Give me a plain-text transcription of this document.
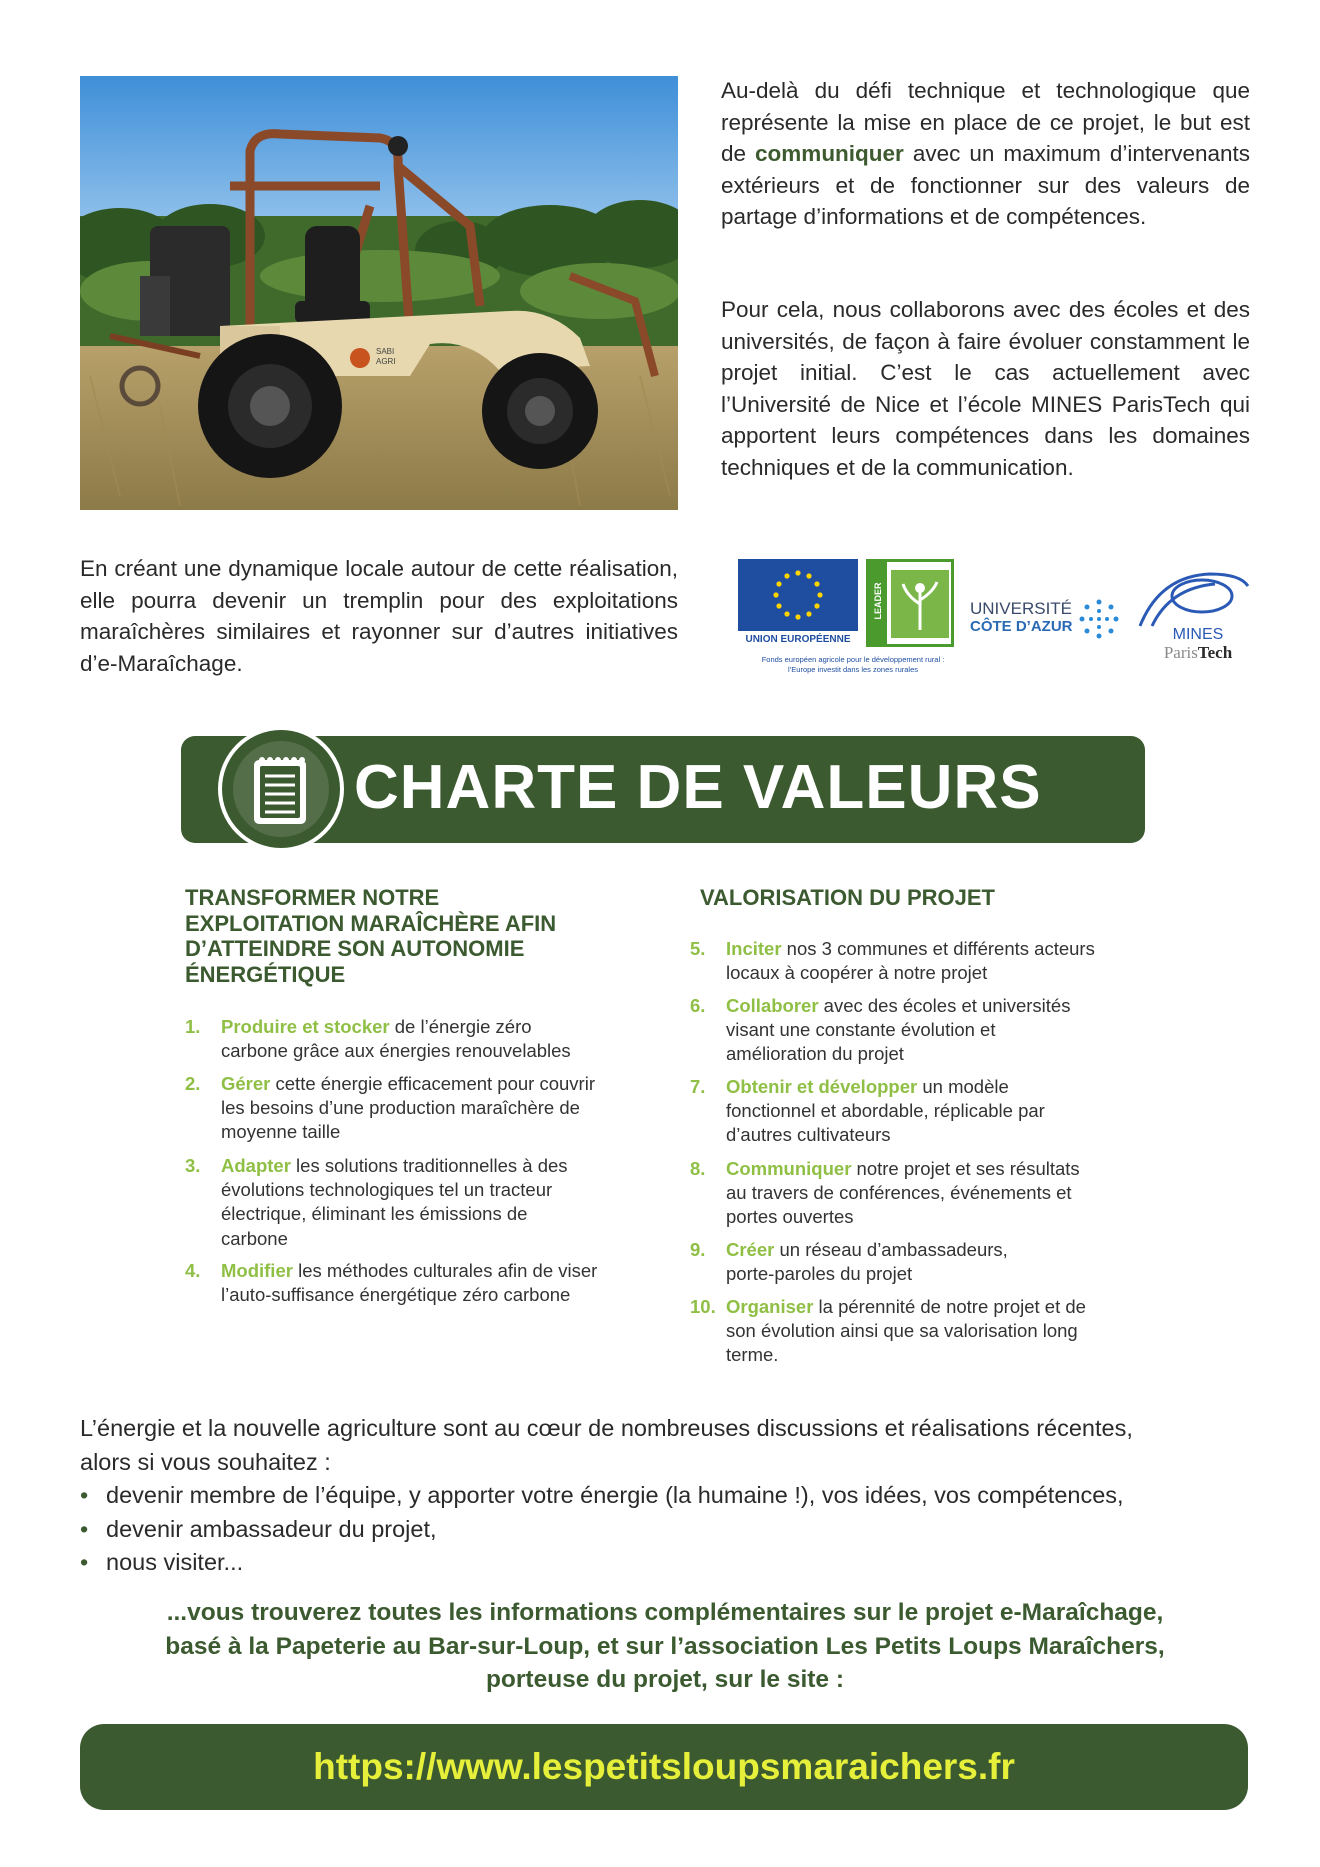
SABI
AGRI
Au-delà du défi technique et technologique que représente la mise en place de ce projet, le but est de communiquer avec un maximum d’intervenants extérieurs et de fonctionner sur des valeurs de partage d’informations et de compétences.
Pour cela, nous collaborons avec des écoles et des universités, de façon à faire évoluer constamment le projet initial. C’est le cas actuellement avec l’Université de Nice et l’école MINES ParisTech qui apportent leurs compétences dans les domaines techniques et de la communication.
En créant une dynamique locale autour de cette réalisation, elle pourra devenir un tremplin pour des exploitations maraîchères similaires et rayonner sur d’autres initiatives d’e-Maraîchage.
UNION EUROPÉENNE
LEADER
Fonds européen agricole pour le développement rural :
l’Europe investit dans les zones rurales
UNIVERSITÉ
CÔTE D’AZUR	MINES
ParisTech
CHARTE DE VALEURS
TRANSFORMER NOTRE
EXPLOITATION MARAÎCHÈRE AFIN
D’ATTEINDRE SON AUTONOMIE
ÉNERGÉTIQUE
1. Produire et stocker de l’énergie zéro
carbone grâce aux énergies renouvelables
2. Gérer cette énergie efficacement pour couvrir
les besoins d’une production maraîchère de
moyenne taille
3. Adapter les solutions traditionnelles à des
évolutions technologiques tel un tracteur
électrique, éliminant les émissions de
carbone
4. Modifier les méthodes culturales afin de viser
l’auto-suffisance énergétique zéro carbone
VALORISATION DU PROJET
5. Inciter nos 3 communes et différents acteurs
locaux à coopérer à notre projet
6. Collaborer avec des écoles et universités
visant une constante évolution et
amélioration du projet
7. Obtenir et développer un modèle
fonctionnel et abordable, réplicable par
d’autres cultivateurs
8. Communiquer notre projet et ses résultats
au travers de conférences, événements et
portes ouvertes
9. Créer un réseau d’ambassadeurs,
porte-paroles du projet
10. Organiser la pérennité de notre projet et de
son évolution ainsi que sa valorisation long
terme.
L’énergie et la nouvelle agriculture sont au cœur de nombreuses discussions et réalisations récentes,
alors si vous souhaitez :
• devenir membre de l’équipe, y apporter votre énergie (la humaine !), vos idées, vos compétences,
• devenir ambassadeur du projet,
• nous visiter...
...vous trouverez toutes les informations complémentaires sur le projet e-Maraîchage,
basé à la Papeterie au Bar-sur-Loup, et sur l’association Les Petits Loups Maraîchers,
porteuse du projet, sur le site :
https://www.lespetitsloupsmaraichers.fr
